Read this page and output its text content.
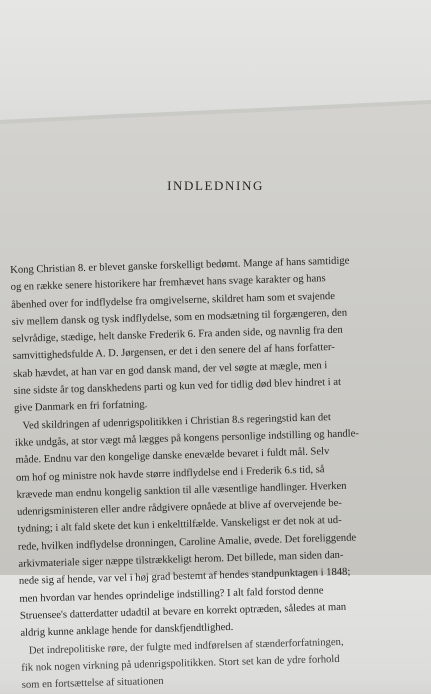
INDLEDNING
Kong Christian 8. er blevet ganske forskelligt bedømt. Mange af hans samtidige
og en række senere historikere har fremhævet hans svage karakter og hans
åbenhed over for indflydelse fra omgivelserne, skildret ham som et svajende
siv mellem dansk og tysk indflydelse, som en modsætning til forgængeren, den
selvrådige, stædige, helt danske Frederik 6. Fra anden side, og navnlig fra den
samvittighedsfulde A. D. Jørgensen, er det i den senere del af hans forfatter-
skab hævdet, at han var en god dansk mand, der vel søgte at mægle, men i
sine sidste år tog danskhedens parti og kun ved for tidlig død blev hindret i at
give Danmark en fri forfatning.
Ved skildringen af udenrigspolitikken i Christian 8.s regeringstid kan det
ikke undgås, at stor vægt må lægges på kongens personlige indstilling og handle-
måde. Endnu var den kongelige danske enevælde bevaret i fuldt mål. Selv
om hof og ministre nok havde større indflydelse end i Frederik 6.s tid, så
krævede man endnu kongelig sanktion til alle væsentlige handlinger. Hverken
udenrigsministeren eller andre rådgivere opnåede at blive af overvejende be-
tydning; i alt fald skete det kun i enkelttilfælde. Vanskeligst er det nok at ud-
rede, hvilken indflydelse dronningen, Caroline Amalie, øvede. Det foreliggende
arkivmateriale siger næppe tilstrækkeligt herom. Det billede, man siden dan-
nede sig af hende, var vel i høj grad bestemt af hendes standpunktagen i 1848;
men hvordan var hendes oprindelige indstilling? I alt fald forstod denne
Struensee's datterdatter udadtil at bevare en korrekt optræden, således at man
aldrig kunne anklage hende for danskfjendtlighed.
Det indrepolitiske røre, der fulgte med indførelsen af stænderforfatningen,
fik nok nogen virkning på udenrigspolitikken. Stort set kan de ydre forhold
som en fortsættelse af situationen
